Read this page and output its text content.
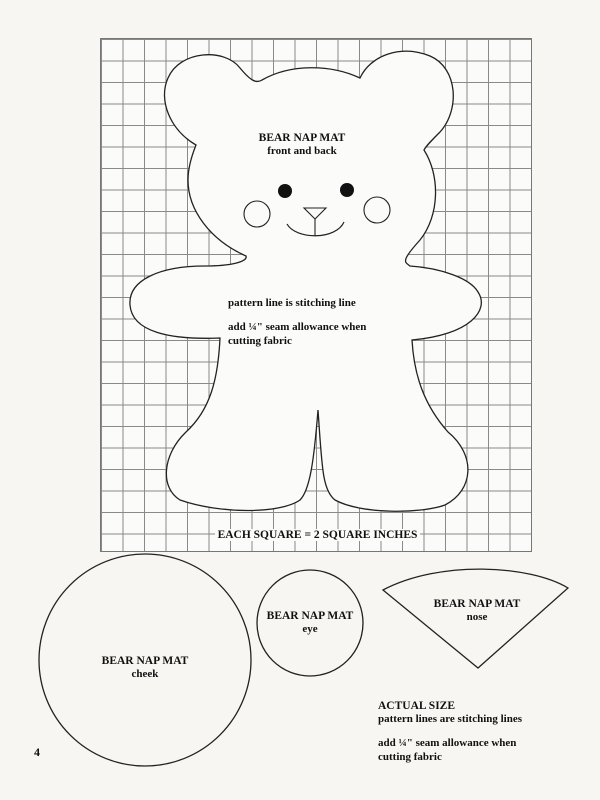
BEAR NAP MAT
front and back
pattern line is stitching line
add ¼" seam allowance when
cutting fabric
EACH SQUARE = 2 SQUARE INCHES
BEAR NAP MAT
cheek
BEAR NAP MAT
eye
BEAR NAP MAT
nose
ACTUAL SIZE
pattern lines are stitching lines
add ¼" seam allowance when
cutting fabric
4
